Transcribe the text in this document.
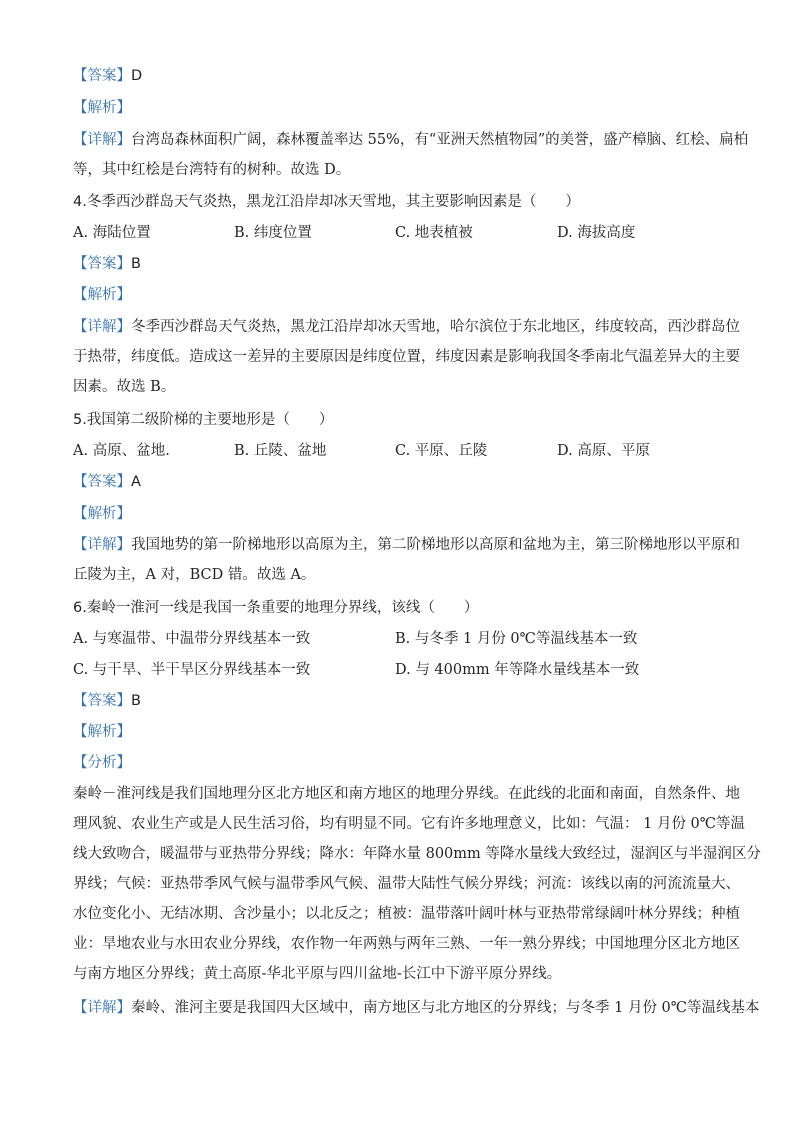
【答案】D
【解析】
【详解】台湾岛森林面积广阔，森林覆盖率达 55%，有“亚洲天然植物园”的美誉，盛产樟脑、红桧、扁柏
等，其中红桧是台湾特有的树种。故选 D。
4.冬季西沙群岛天气炎热，黑龙江沿岸却冰天雪地，其主要影响因素是（　　）
A. 海陆位置	B. 纬度位置	C. 地表植被	D. 海拔高度
【答案】B
【解析】
【详解】冬季西沙群岛天气炎热，黑龙江沿岸却冰天雪地，哈尔滨位于东北地区，纬度较高，西沙群岛位
于热带，纬度低。造成这一差异的主要原因是纬度位置，纬度因素是影响我国冬季南北气温差异大的主要
因素。故选 B。
5.我国第二级阶梯的主要地形是（　　）
A. 高原、盆地.	B. 丘陵、盆地	C. 平原、丘陵	D. 高原、平原
【答案】A
【解析】
【详解】我国地势的第一阶梯地形以高原为主，第二阶梯地形以高原和盆地为主，第三阶梯地形以平原和
丘陵为主，A 对，BCD 错。故选 A。
6.秦岭一淮河一线是我国一条重要的地理分界线，该线（　　）
A. 与寒温带、中温带分界线基本一致	B. 与冬季 1 月份 0℃等温线基本一致
C. 与干旱、半干旱区分界线基本一致	D. 与 400mm 年等降水量线基本一致
【答案】B
【解析】
【分析】
秦岭－淮河线是我们国地理分区北方地区和南方地区的地理分界线。在此线的北面和南面，自然条件、地
理风貌、农业生产或是人民生活习俗，均有明显不同。它有许多地理意义，比如：气温： 1 月份 0℃等温
线大致吻合，暖温带与亚热带分界线；降水：年降水量 800mm 等降水量线大致经过，湿润区与半湿润区分
界线；气候：亚热带季风气候与温带季风气候、温带大陆性气候分界线；河流：该线以南的河流流量大、
水位变化小、无结冰期、含沙量小；以北反之；植被：温带落叶阔叶林与亚热带常绿阔叶林分界线；种植
业：旱地农业与水田农业分界线，农作物一年两熟与两年三熟、一年一熟分界线；中国地理分区北方地区
与南方地区分界线；黄土高原-华北平原与四川盆地-长江中下游平原分界线。
【详解】秦岭、淮河主要是我国四大区域中，南方地区与北方地区的分界线；与冬季 1 月份 0℃等温线基本
